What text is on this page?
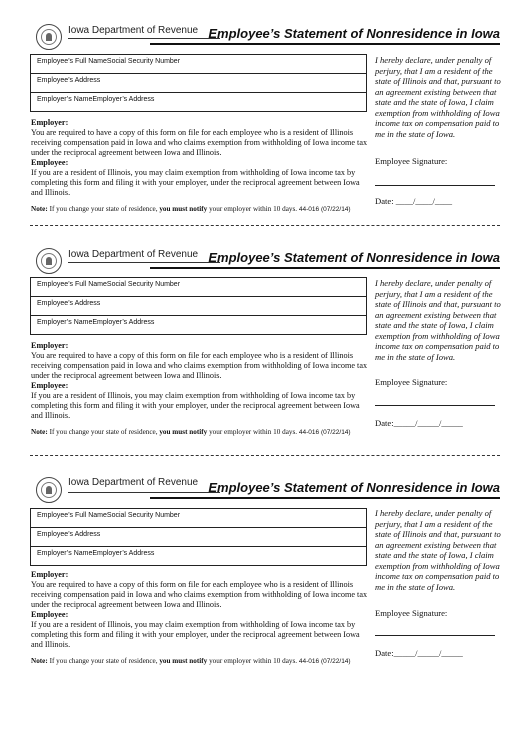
Iowa Department of Revenue Employee’s Statement of Nonresidence in Iowa
Employee’s Full NameSocial Security Number
Employee’s Address
Employer’s NameEmployer’s Address
Employer:
You are required to have a copy of this form on file for each employee who is a resident of Illinois receiving compensation paid in Iowa and who claims exemption from withholding of Iowa income tax under the reciprocal agreement between Iowa and Illinois.
Employee:
If you are a resident of Illinois, you may claim exemption from withholding of Iowa income tax by completing this form and filing it with your employer, under the reciprocal agreement between Iowa and Illinois.
Note: If you change your state of residence, you must notify your employer within 10 days. 44-016 (07/22/14)
I hereby declare, under penalty of perjury, that I am a resident of the state of Illinois and that, pursuant to an agreement existing between that state and the state of Iowa, I claim exemption from withholding of Iowa income tax on compensation paid to me in the state of Iowa.
Employee Signature:
Date: ____/____/____
Iowa Department of Revenue Employee’s Statement of Nonresidence in Iowa
Employee’s Full NameSocial Security Number
Employee’s Address
Employer’s NameEmployer’s Address
Employer:
You are required to have a copy of this form on file for each employee who is a resident of Illinois receiving compensation paid in Iowa and who claims exemption from withholding of Iowa income tax under the reciprocal agreement between Iowa and Illinois.
Employee:
If you are a resident of Illinois, you may claim exemption from withholding of Iowa income tax by completing this form and filing it with your employer, under the reciprocal agreement between Iowa and Illinois.
Note: If you change your state of residence, you must notify your employer within 10 days. 44-016 (07/22/14)
I hereby declare, under penalty of perjury, that I am a resident of the state of Illinois and that, pursuant to an agreement existing between that state and the state of Iowa, I claim exemption from withholding of Iowa income tax on compensation paid to me in the state of Iowa.
Employee Signature:
Date:_____/_____/_____
Iowa Department of Revenue Employee’s Statement of Nonresidence in Iowa
Employee’s Full NameSocial Security Number
Employee’s Address
Employer’s NameEmployer’s Address
Employer:
You are required to have a copy of this form on file for each employee who is a resident of Illinois receiving compensation paid in Iowa and who claims exemption from withholding of Iowa income tax under the reciprocal agreement between Iowa and Illinois.
Employee:
If you are a resident of Illinois, you may claim exemption from withholding of Iowa income tax by completing this form and filing it with your employer, under the reciprocal agreement between Iowa and Illinois.
Note: If you change your state of residence, you must notify your employer within 10 days. 44-016 (07/22/14)
I hereby declare, under penalty of perjury, that I am a resident of the state of Illinois and that, pursuant to an agreement existing between that state and the state of Iowa, I claim exemption from withholding of Iowa income tax on compensation paid to me in the state of Iowa.
Employee Signature:
Date:_____/_____/_____
